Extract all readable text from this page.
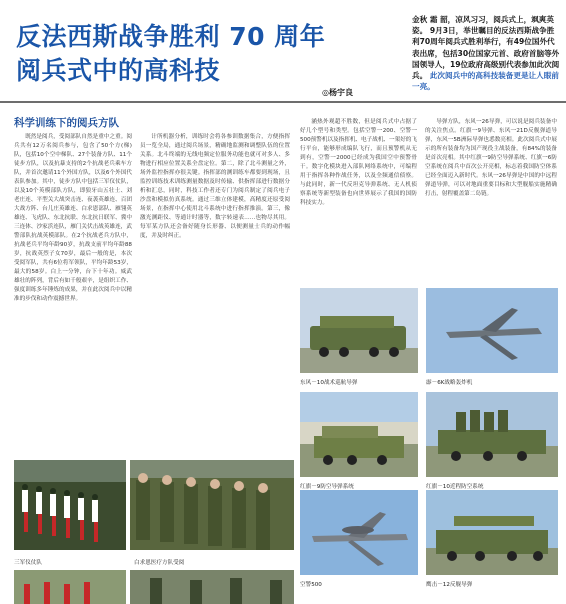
反法西斯战争胜利 70 周年
阅兵式中的高科技
金秋 霜 韶，凉风习习，阅兵式上，飒爽英姿。 9月3日，举世瞩目的反法西斯战争胜利70周年阅兵式胜利举行，有49位国外代表出席，包括30位国家元首、政府首脑等外国领导人，19位政府高级别代表参加此次阅兵。 此次阅兵中的高科技装备更是让人眼前一亮。
◎杨宇良
科学训练下的阅兵方队
既然是阅兵，受阅部队自然是重中之重。阅兵共有12万名阅兵参与，包含了50个方(梯)队，包括10个空中梯队、27个装备方队、11个徒步方队，以及抗暴支持的2个抗战老兵乘车方队，并首次邀请11个外国方队，以及6个外国代表队参加。其中，徒步方队中包括三军仪仗队，以及10个英模部队方队，即狼牙山五壮士、刘老庄连、平型关大战突击连、夜袭英雄连、百团大战方阵、台儿庄英雄连、白求恩部队、雁翎英雄连、飞虎队、东北抗联、东北抗日联军、冀中三连体、沙家浜连队，雁门关伏击战英雄连，武警部队抗战英模部队。在2个抗战老兵方队中，抗战老兵平均年龄90岁，抗战支前平均年龄88岁，抗战英烈子女70岁，最后一般的是，本次受阅军队，共有6位将军领队，平均年龄53岁，最大的58岁。白上一分钟，台下十年功。威武雄壮的阵列，背后有如千般艰辛，是组织工作、强度训练多年锤炼的成果，并在此次阅兵中以精准的步伐和动作震撼世界。
计所机器分析，训练时会将各参训数据集合，方便指挥员一览全局，通过阅兵场景，精确地监测和调整队伍的位置关系。北斗终端的无线电频定位服务功能也就可对多人、多物进行相应位置关系全盘定位。第二，除了北斗测量之外，场外监控指挥亦很关键。指挥部的测训练车都要到现场，且监控训练技术训练测量数据及时传输、供指挥部进行数据分析和汇总，同时，科技工作者还专门为阅兵制定了阅兵电子沙盘和模拟仿真系统。通过三维立体建模，高精度还原受阅场景，在指挥中心使用北斗系统中进行指挥推演。第三，像激光测距仪、等通计时器等，数字转速表……也物尽其用。每军某方队还会备好随身长形器、以便测量士兵的动作幅度，并及时纠正。
涵热外观超不胜数，但是阅兵式中占据了好几个型号和类型。包括空警一200、空警一500预警机以及指挥机、电子战机、一架好的飞行平台，能够形成编队飞行，而且预警机从无到有，空警一2000已经成为我国空中预警骨干。数字化模块进入部队网络系统中，可编程用于指挥各种作战任务，以及全频通信侦察。与此同时，新一代反坦克导弹系统、无人机侦察系统等新型装备也向世界展示了我国的国防科技实力。
导弹方队，东风一26导弹，可以说是阅兵装备中的关注焦点。红旗一9导弹、东风一21D反舰弹道导弹，东风一5B洲际导弹也悉数亮相。此次阅兵式中展示的所有装备均为国产现役主战装备，有84%的装备是首次亮相。其中红旗一9防空导弹系统、红旗一6防空系统在阅兵中首次公开亮相，标志着我国防空体系已经全面迈入新时代。东风一26导弹是中国的中远程弹道导弹，可以对地面重要目标和大型舰船实施精确打击，射程覆盖第二岛链。
三军仪仗队	白求恩医疗方队受阅
东风－10战术巡航导弹	霹－6K战略轰炸机
红旗－9防空导弹系统	红旗－10近程防空系统
空警500	鹰击－12反舰导弹
